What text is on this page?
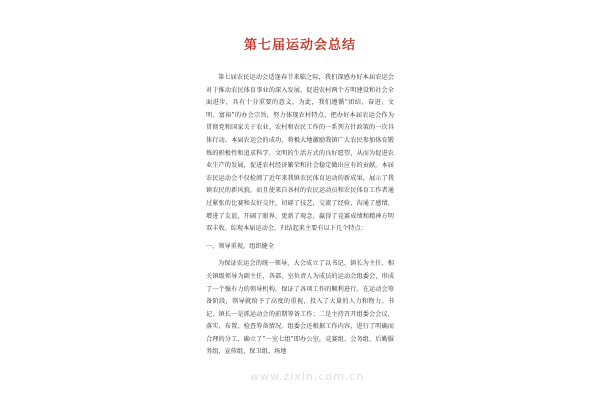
第七届运动会总结

第七届农民运动会适逢春节来临之际，我们深感办好本届农运会对于推动农民体育事业的深入发展，促进农村两个方明建设和社会全面进步，具有十分重要的意义。为此，我们遵循“团结、奋进、文明、富裕”的办会宗旨，努力体现农村特点，把办好本届农运会作为贯彻党和国家关于农业、农村和农民工作的一系列方针政策的一次具体行动。本届农运会的成功，将极大地激励我镇广大农民参加体育锻炼的积极性和追求科学、文明的生活方式的良好愿望，从而为促进农业生产的发展，促进农村经济繁荣和社会稳定做出应有的贡献。本届农民运动会不仅检阅了近年来我镇农民体育运动的新成果，展示了我镇农民的新风貌，而且使来自各村的农民运动员和农民体育工作者通过紧张的比赛和友好交往，切磋了技艺，交流了经验，沟通了感情，增进了友谊，开阔了眼界，更新了观念，赢得了竞赛成绩和精神方明双丰收。综观本届运动会，归结起来主要有以下几个特点：

一、领导重视，组织健全

为保证农运会的统一领导，大会成立了以书记、镇长为主任、相关镇级领导为副主任，各部、室负责人为成员的运动会组委会，形成了一个强有力的领导机构，保证了各项工作的顺利进行。在运动会筹备阶段，领导就给予了高度的重视，投入了大量的人力和物力。书记、镇长一是抓运动会的前期筹备工作；二是主持召开组委会会议，落实、布置、检查筹备情况。组委会还根据工作内容，进行了明确而合理的分工，确立了“一室七组”即办公室，竞赛组、会务组、后勤服务组、宣传组、保卫组、场地

www.zixin.com.cn
